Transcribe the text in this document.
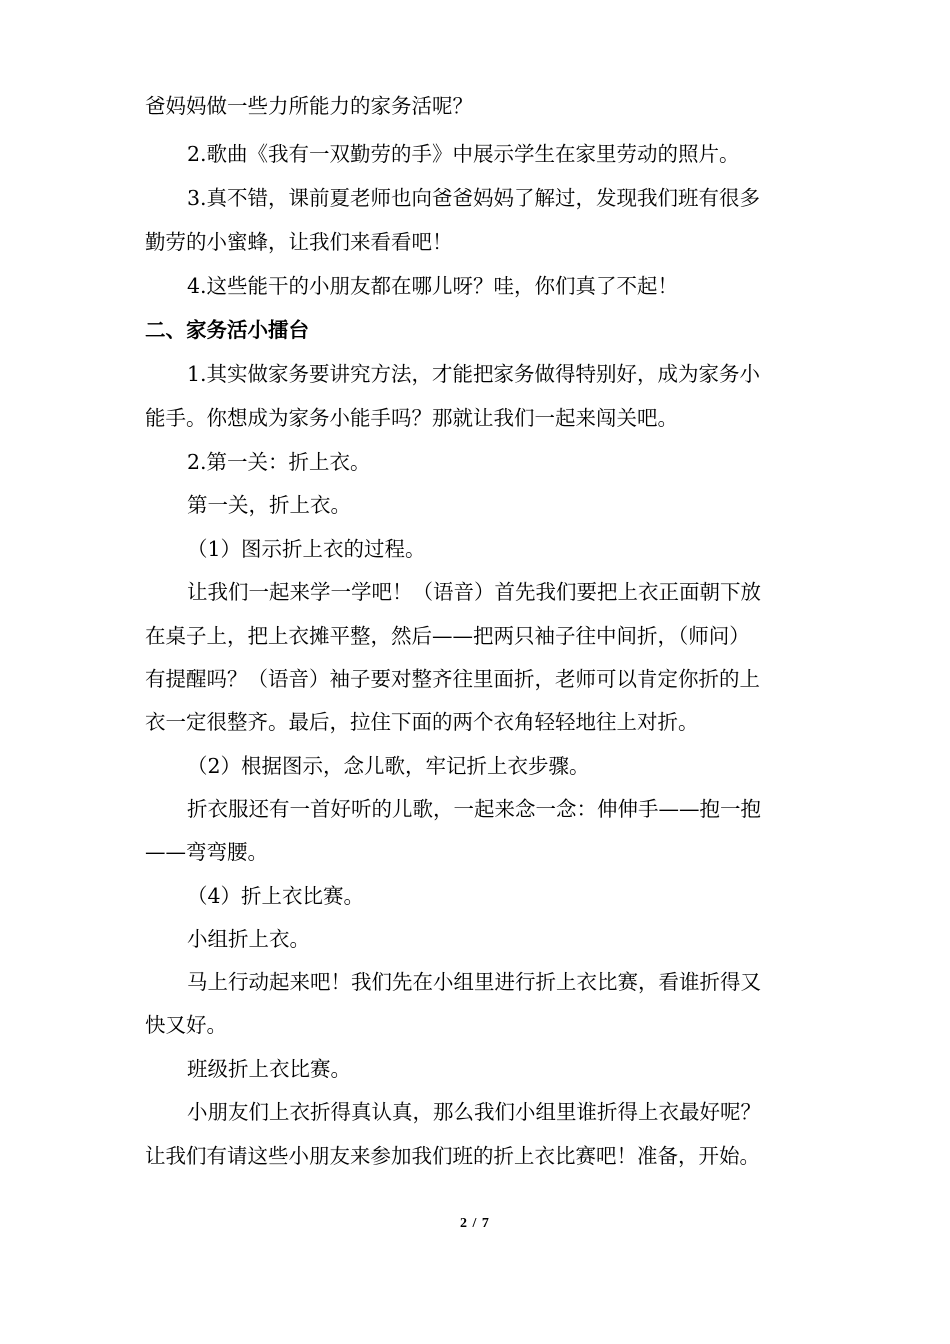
爸妈妈做一些力所能力的家务活呢？
2.歌曲《我有一双勤劳的手》中展示学生在家里劳动的照片。
3.真不错，课前夏老师也向爸爸妈妈了解过，发现我们班有很多
勤劳的小蜜蜂，让我们来看看吧！
4.这些能干的小朋友都在哪儿呀？哇，你们真了不起！
二、家务活小擂台
1.其实做家务要讲究方法，才能把家务做得特别好，成为家务小
能手。你想成为家务小能手吗？那就让我们一起来闯关吧。
2.第一关：折上衣。
第一关，折上衣。
（1）图示折上衣的过程。
让我们一起来学一学吧！（语音）首先我们要把上衣正面朝下放
在桌子上，把上衣摊平整，然后——把两只袖子往中间折，（师问）
有提醒吗？（语音）袖子要对整齐往里面折，老师可以肯定你折的上
衣一定很整齐。最后，拉住下面的两个衣角轻轻地往上对折。
（2）根据图示，念儿歌，牢记折上衣步骤。
折衣服还有一首好听的儿歌，一起来念一念：伸伸手——抱一抱
——弯弯腰。
（4）折上衣比赛。
小组折上衣。
马上行动起来吧！我们先在小组里进行折上衣比赛，看谁折得又
快又好。
班级折上衣比赛。
小朋友们上衣折得真认真，那么我们小组里谁折得上衣最好呢？
让我们有请这些小朋友来参加我们班的折上衣比赛吧！准备，开始。
2 / 7
